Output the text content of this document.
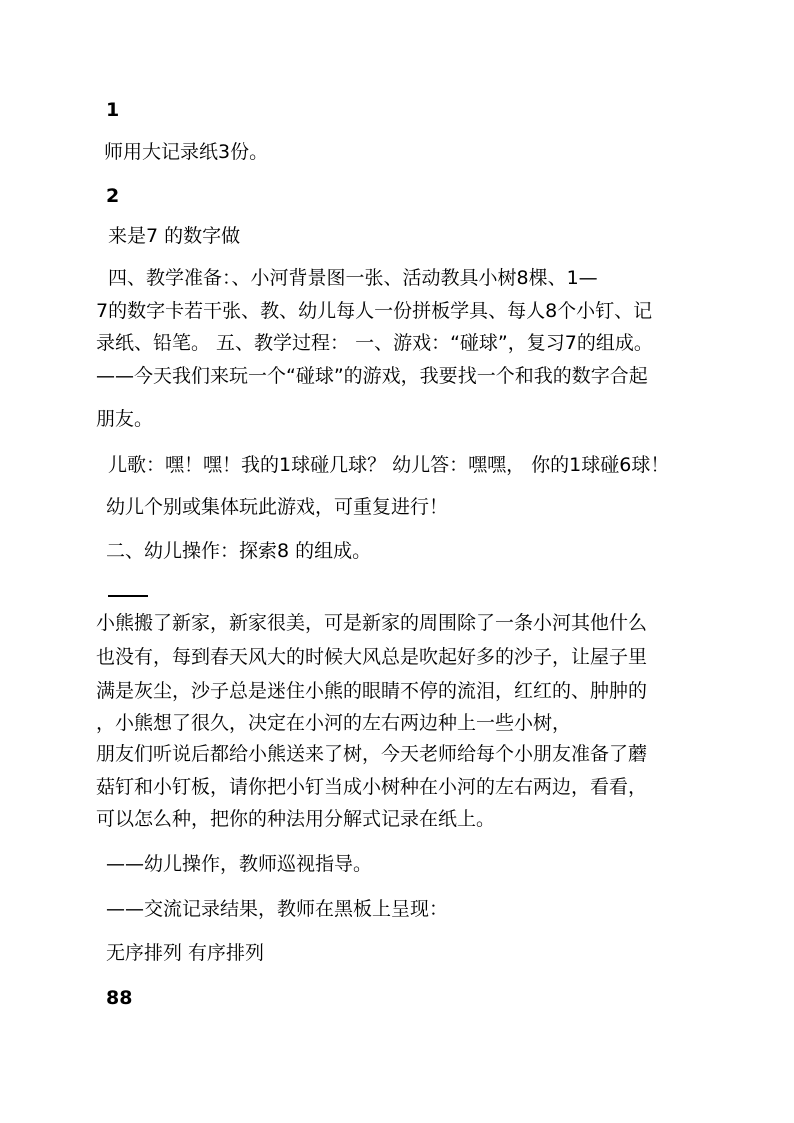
1
师用大记录纸3份。
2
来是7 的数字做
四、教学准备：、小河背景图一张、活动教具小树8棵、1—
7的数字卡若干张、教、幼儿每人一份拼板学具、每人8个小钉、记
录纸、铅笔。 五、教学过程： 一、游戏：“碰球”，复习7的组成。
——今天我们来玩一个“碰球”的游戏，我要找一个和我的数字合起
朋友。
儿歌：嘿！嘿！我的1球碰几球？ 幼儿答：嘿嘿， 你的1球碰6球！
幼儿个别或集体玩此游戏，可重复进行！
二、幼儿操作：探索8 的组成。
小熊搬了新家，新家很美，可是新家的周围除了一条小河其他什么
也没有，每到春天风大的时候大风总是吹起好多的沙子，让屋子里
满是灰尘，沙子总是迷住小熊的眼睛不停的流泪，红红的、肿肿的
，小熊想了很久，决定在小河的左右两边种上一些小树，
朋友们听说后都给小熊送来了树，今天老师给每个小朋友准备了蘑
菇钉和小钉板，请你把小钉当成小树种在小河的左右两边，看看，
可以怎么种，把你的种法用分解式记录在纸上。
——幼儿操作，教师巡视指导。
——交流记录结果，教师在黑板上呈现：
无序排列 有序排列
88
